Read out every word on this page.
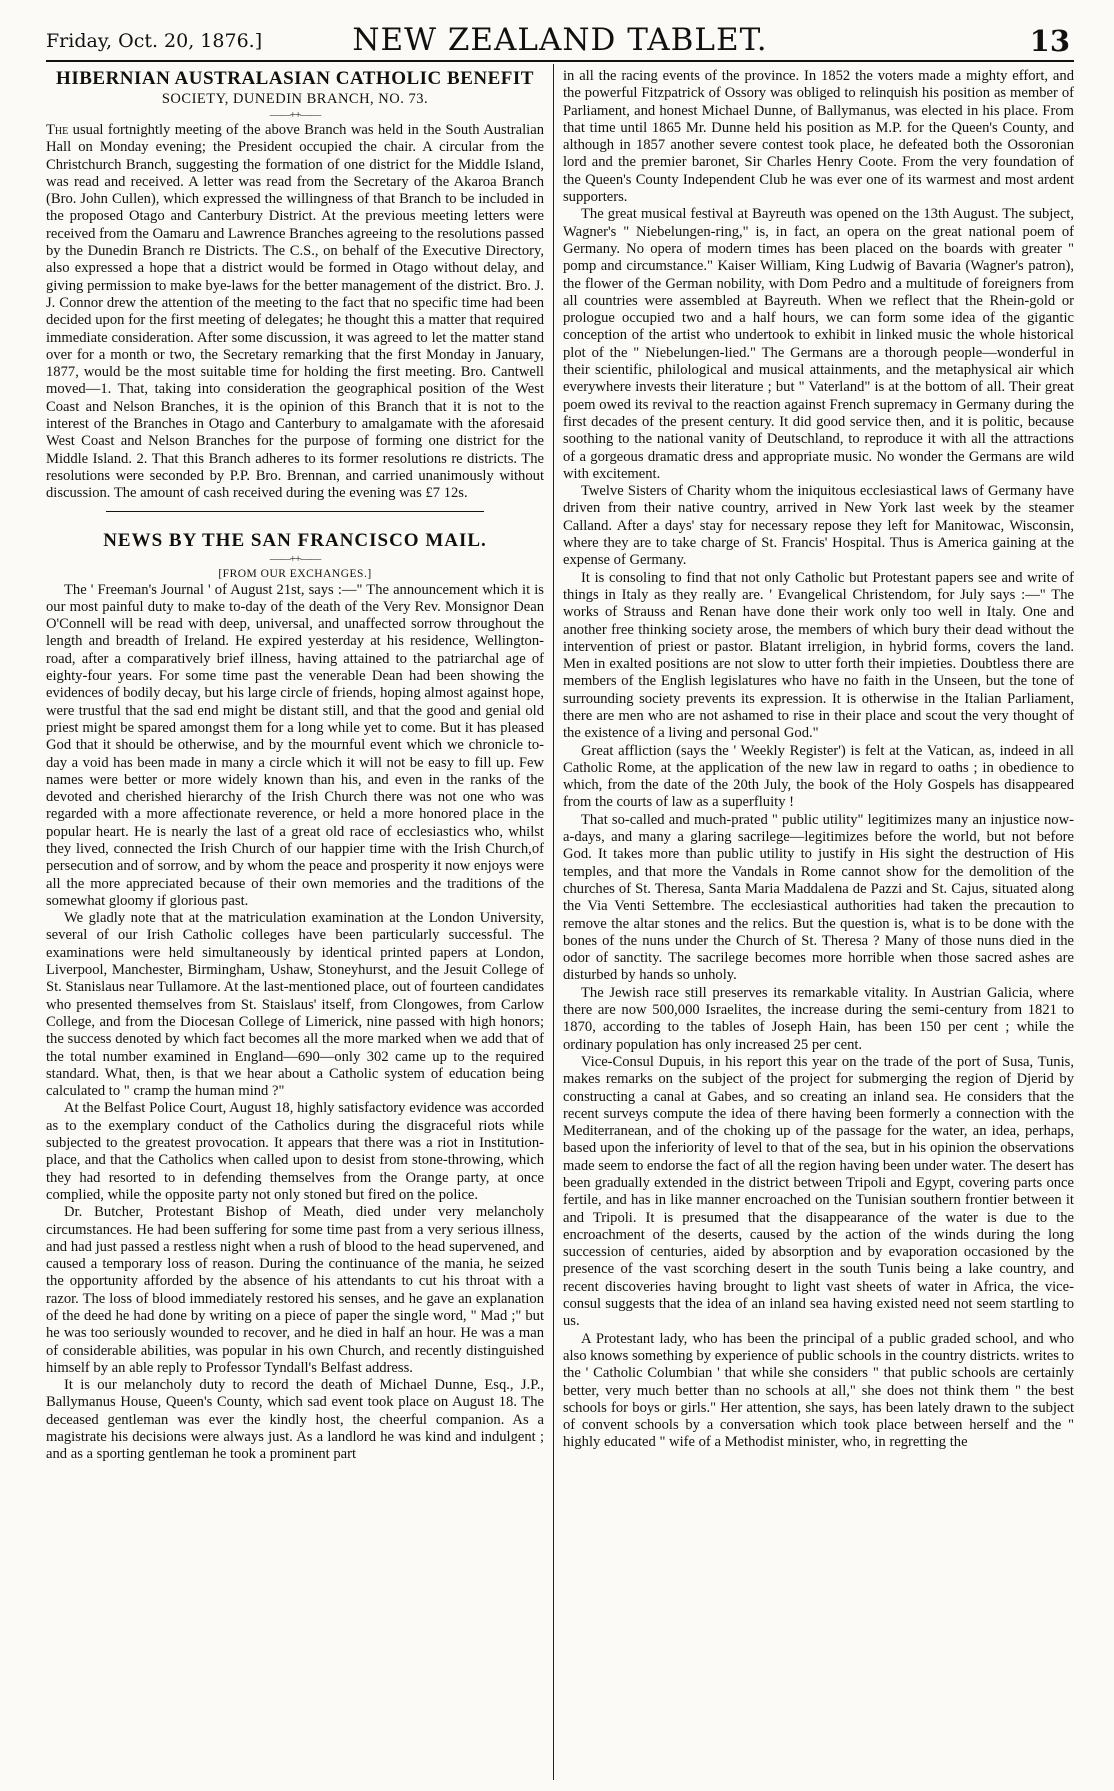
Friday, Oct. 20, 1876.]	NEW ZEALAND TABLET.	13
HIBERNIAN AUSTRALASIAN CATHOLIC BENEFIT
SOCIETY, DUNEDIN BRANCH, NO. 73.
——++——

The usual fortnightly meeting of the above Branch was held in the South Australian Hall on Monday evening; the President occupied the chair. A circular from the Christchurch Branch, suggesting the formation of one district for the Middle Island, was read and received. A letter was read from the Secretary of the Akaroa Branch (Bro. John Cullen), which expressed the willingness of that Branch to be included in the proposed Otago and Canterbury District. At the previous meeting letters were received from the Oamaru and Lawrence Branches agreeing to the resolutions passed by the Dunedin Branch re Districts. The C.S., on behalf of the Executive Directory, also expressed a hope that a district would be formed in Otago without delay, and giving permission to make bye-laws for the better management of the district. Bro. J. J. Connor drew the attention of the meeting to the fact that no specific time had been decided upon for the first meeting of delegates; he thought this a matter that required immediate consideration. After some discussion, it was agreed to let the matter stand over for a month or two, the Secretary remarking that the first Monday in January, 1877, would be the most suitable time for holding the first meeting. Bro. Cantwell moved—1. That, taking into consideration the geographical position of the West Coast and Nelson Branches, it is the opinion of this Branch that it is not to the interest of the Branches in Otago and Canterbury to amalgamate with the aforesaid West Coast and Nelson Branches for the purpose of forming one district for the Middle Island. 2. That this Branch adheres to its former resolutions re districts. The resolutions were seconded by P.P. Bro. Brennan, and carried unanimously without discussion. The amount of cash received during the evening was £7 12s.

NEWS BY THE SAN FRANCISCO MAIL.
——++——
[FROM OUR EXCHANGES.]

The ' Freeman's Journal ' of August 21st, says :—" The announcement which it is our most painful duty to make to-day of the death of the Very Rev. Monsignor Dean O'Connell will be read with deep, universal, and unaffected sorrow throughout the length and breadth of Ireland. He expired yesterday at his residence, Wellington-road, after a comparatively brief illness, having attained to the patriarchal age of eighty-four years. For some time past the venerable Dean had been showing the evidences of bodily decay, but his large circle of friends, hoping almost against hope, were trustful that the sad end might be distant still, and that the good and genial old priest might be spared amongst them for a long while yet to come. But it has pleased God that it should be otherwise, and by the mournful event which we chronicle to-day a void has been made in many a circle which it will not be easy to fill up. Few names were better or more widely known than his, and even in the ranks of the devoted and cherished hierarchy of the Irish Church there was not one who was regarded with a more affectionate reverence, or held a more honored place in the popular heart. He is nearly the last of a great old race of ecclesiastics who, whilst they lived, connected the Irish Church of our happier time with the Irish Church,of persecution and of sorrow, and by whom the peace and prosperity it now enjoys were all the more appreciated because of their own memories and the traditions of the somewhat gloomy if glorious past.

We gladly note that at the matriculation examination at the London University, several of our Irish Catholic colleges have been particularly successful. The examinations were held simultaneously by identical printed papers at London, Liverpool, Manchester, Birmingham, Ushaw, Stoneyhurst, and the Jesuit College of St. Stanislaus near Tullamore. At the last-mentioned place, out of fourteen candidates who presented themselves from St. Staislaus' itself, from Clongowes, from Carlow College, and from the Diocesan College of Limerick, nine passed with high honors; the success denoted by which fact becomes all the more marked when we add that of the total number examined in England—690—only 302 came up to the required standard. What, then, is that we hear about a Catholic system of education being calculated to " cramp the human mind ?"

At the Belfast Police Court, August 18, highly satisfactory evidence was accorded as to the exemplary conduct of the Catholics during the disgraceful riots while subjected to the greatest provocation. It appears that there was a riot in Institution-place, and that the Catholics when called upon to desist from stone-throwing, which they had resorted to in defending themselves from the Orange party, at once complied, while the opposite party not only stoned but fired on the police.

Dr. Butcher, Protestant Bishop of Meath, died under very melancholy circumstances. He had been suffering for some time past from a very serious illness, and had just passed a restless night when a rush of blood to the head supervened, and caused a temporary loss of reason. During the continuance of the mania, he seized the opportunity afforded by the absence of his attendants to cut his throat with a razor. The loss of blood immediately restored his senses, and he gave an explanation of the deed he had done by writing on a piece of paper the single word, " Mad ;" but he was too seriously wounded to recover, and he died in half an hour. He was a man of considerable abilities, was popular in his own Church, and recently distinguished himself by an able reply to Professor Tyndall's Belfast address.

It is our melancholy duty to record the death of Michael Dunne, Esq., J.P., Ballymanus House, Queen's County, which sad event took place on August 18. The deceased gentleman was ever the kindly host, the cheerful companion. As a magistrate his decisions were always just. As a landlord he was kind and indulgent ; and as a sporting gentleman he took a prominent part

in all the racing events of the province. In 1852 the voters made a mighty effort, and the powerful Fitzpatrick of Ossory was obliged to relinquish his position as member of Parliament, and honest Michael Dunne, of Ballymanus, was elected in his place. From that time until 1865 Mr. Dunne held his position as M.P. for the Queen's County, and although in 1857 another severe contest took place, he defeated both the Ossoronian lord and the premier baronet, Sir Charles Henry Coote. From the very foundation of the Queen's County Independent Club he was ever one of its warmest and most ardent supporters.

The great musical festival at Bayreuth was opened on the 13th August. The subject, Wagner's " Niebelungen-ring," is, in fact, an opera on the great national poem of Germany. No opera of modern times has been placed on the boards with greater " pomp and circumstance." Kaiser William, King Ludwig of Bavaria (Wagner's patron), the flower of the German nobility, with Dom Pedro and a multitude of foreigners from all countries were assembled at Bayreuth. When we reflect that the Rhein-gold or prologue occupied two and a half hours, we can form some idea of the gigantic conception of the artist who undertook to exhibit in linked music the whole historical plot of the " Niebelungen-lied." The Germans are a thorough people—wonderful in their scientific, philological and musical attainments, and the metaphysical air which everywhere invests their literature ; but " Vaterland" is at the bottom of all. Their great poem owed its revival to the reaction against French supremacy in Germany during the first decades of the present century. It did good service then, and it is politic, because soothing to the national vanity of Deutschland, to reproduce it with all the attractions of a gorgeous dramatic dress and appropriate music. No wonder the Germans are wild with excitement.

Twelve Sisters of Charity whom the iniquitous ecclesiastical laws of Germany have driven from their native country, arrived in New York last week by the steamer Calland. After a days' stay for necessary repose they left for Manitowac, Wisconsin, where they are to take charge of St. Francis' Hospital. Thus is America gaining at the expense of Germany.

It is consoling to find that not only Catholic but Protestant papers see and write of things in Italy as they really are. ' Evangelical Christendom, for July says :—" The works of Strauss and Renan have done their work only too well in Italy. One and another free thinking society arose, the members of which bury their dead without the intervention of priest or pastor. Blatant irreligion, in hybrid forms, covers the land. Men in exalted positions are not slow to utter forth their impieties. Doubtless there are members of the English legislatures who have no faith in the Unseen, but the tone of surrounding society prevents its expression. It is otherwise in the Italian Parliament, there are men who are not ashamed to rise in their place and scout the very thought of the existence of a living and personal God."

Great affliction (says the ' Weekly Register') is felt at the Vatican, as, indeed in all Catholic Rome, at the application of the new law in regard to oaths ; in obedience to which, from the date of the 20th July, the book of the Holy Gospels has disappeared from the courts of law as a superfluity !

That so-called and much-prated " public utility" legitimizes many an injustice now-a-days, and many a glaring sacrilege—legitimizes before the world, but not before God. It takes more than public utility to justify in His sight the destruction of His temples, and that more the Vandals in Rome cannot show for the demolition of the churches of St. Theresa, Santa Maria Maddalena de Pazzi and St. Cajus, situated along the Via Venti Settembre. The ecclesiastical authorities had taken the precaution to remove the altar stones and the relics. But the question is, what is to be done with the bones of the nuns under the Church of St. Theresa ? Many of those nuns died in the odor of sanctity. The sacrilege becomes more horrible when those sacred ashes are disturbed by hands so unholy.

The Jewish race still preserves its remarkable vitality. In Austrian Galicia, where there are now 500,000 Israelites, the increase during the semi-century from 1821 to 1870, according to the tables of Joseph Hain, has been 150 per cent ; while the ordinary population has only increased 25 per cent.

Vice-Consul Dupuis, in his report this year on the trade of the port of Susa, Tunis, makes remarks on the subject of the project for submerging the region of Djerid by constructing a canal at Gabes, and so creating an inland sea. He considers that the recent surveys compute the idea of there having been formerly a connection with the Mediterranean, and of the choking up of the passage for the water, an idea, perhaps, based upon the inferiority of level to that of the sea, but in his opinion the observations made seem to endorse the fact of all the region having been under water. The desert has been gradually extended in the district between Tripoli and Egypt, covering parts once fertile, and has in like manner encroached on the Tunisian southern frontier between it and Tripoli. It is presumed that the disappearance of the water is due to the encroachment of the deserts, caused by the action of the winds during the long succession of centuries, aided by absorption and by evaporation occasioned by the presence of the vast scorching desert in the south Tunis being a lake country, and recent discoveries having brought to light vast sheets of water in Africa, the vice-consul suggests that the idea of an inland sea having existed need not seem startling to us.

A Protestant lady, who has been the principal of a public graded school, and who also knows something by experience of public schools in the country districts. writes to the ' Catholic Columbian ' that while she considers " that public schools are certainly better, very much better than no schools at all," she does not think them " the best schools for boys or girls." Her attention, she says, has been lately drawn to the subject of convent schools by a conversation which took place between herself and the " highly educated " wife of a Methodist minister, who, in regretting the
